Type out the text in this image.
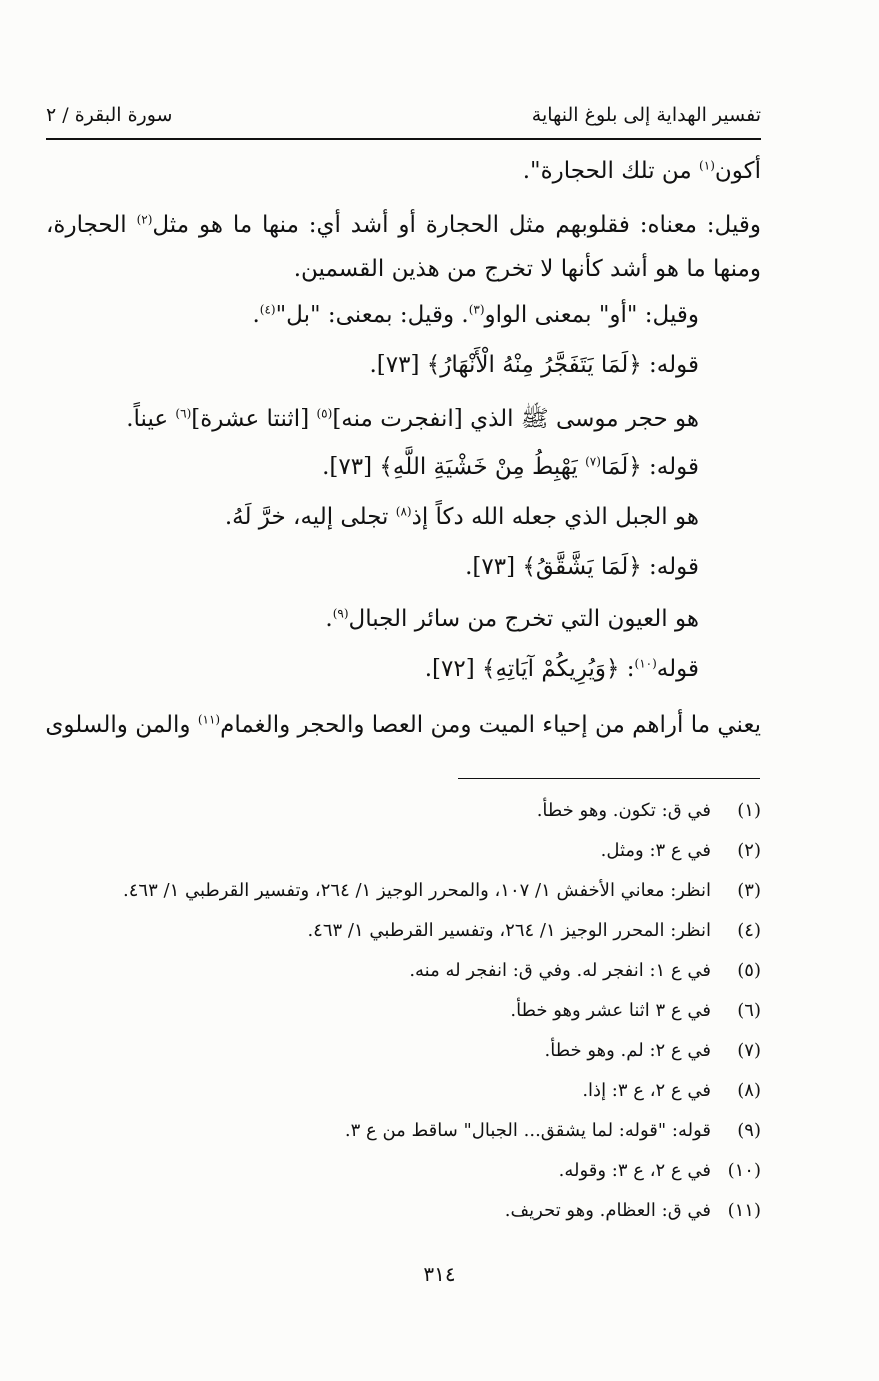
تفسير الهداية إلى بلوغ النهاية
سورة البقرة / ٢
أكون$^{(١)}$ من تلك الحجارة".
وقيل: معناه: فقلوبهم مثل الحجارة أو أشد أي: منها ما هو مثل$^{(٢)}$ الحجارة،
ومنها ما هو أشد كأنها لا تخرج من هذين القسمين.
وقيل: "أو" بمعنى الواو$^{(٣)}$. وقيل: بمعنى: "بل"$^{(٤)}$.
قوله: ﴿لَمَا يَتَفَجَّرُ مِنْهُ الْأَنْهَارُ﴾ [٧٣].
هو حجر موسى ﷺ الذي [انفجرت منه]$^{(٥)}$ [اثنتا عشرة]$^{(٦)}$ عيناً.
قوله: ﴿لَمَا$^{(٧)}$ يَهْبِطُ مِنْ خَشْيَةِ اللَّهِ﴾ [٧٣].
هو الجبل الذي جعله الله دكاً إذ$^{(٨)}$ تجلى إليه، خرَّ لَهُ.
قوله: ﴿لَمَا يَشَّقَّقُ﴾ [٧٣].
هو العيون التي تخرج من سائر الجبال$^{(٩)}$.
قوله$^{(١٠)}$: ﴿وَيُرِيكُمْ آيَاتِهِ﴾ [٧٢].
يعني ما أراهم من إحياء الميت ومن العصا والحجر والغمام$^{(١١)}$ والمن والسلوى
(١)
في ق: تكون. وهو خطأ.
(٢)
في ع ٣: ومثل.
(٣)
انظر: معاني الأخفش ١/ ١٠٧، والمحرر الوجيز ١/ ٢٦٤، وتفسير القرطبي ١/ ٤٦٣.
(٤)
انظر: المحرر الوجيز ١/ ٢٦٤، وتفسير القرطبي ١/ ٤٦٣.
(٥)
في ع ١: انفجر له. وفي ق: انفجر له منه.
(٦)
في ع ٣ اثنا عشر وهو خطأ.
(٧)
في ع ٢: لم. وهو خطأ.
(٨)
في ع ٢، ع ٣: إذا.
(٩)
قوله: "قوله: لما يشقق... الجبال" ساقط من ع ٣.
(١٠)
في ع ٢، ع ٣: وقوله.
(١١)
في ق: العظام. وهو تحريف.
٣١٤
